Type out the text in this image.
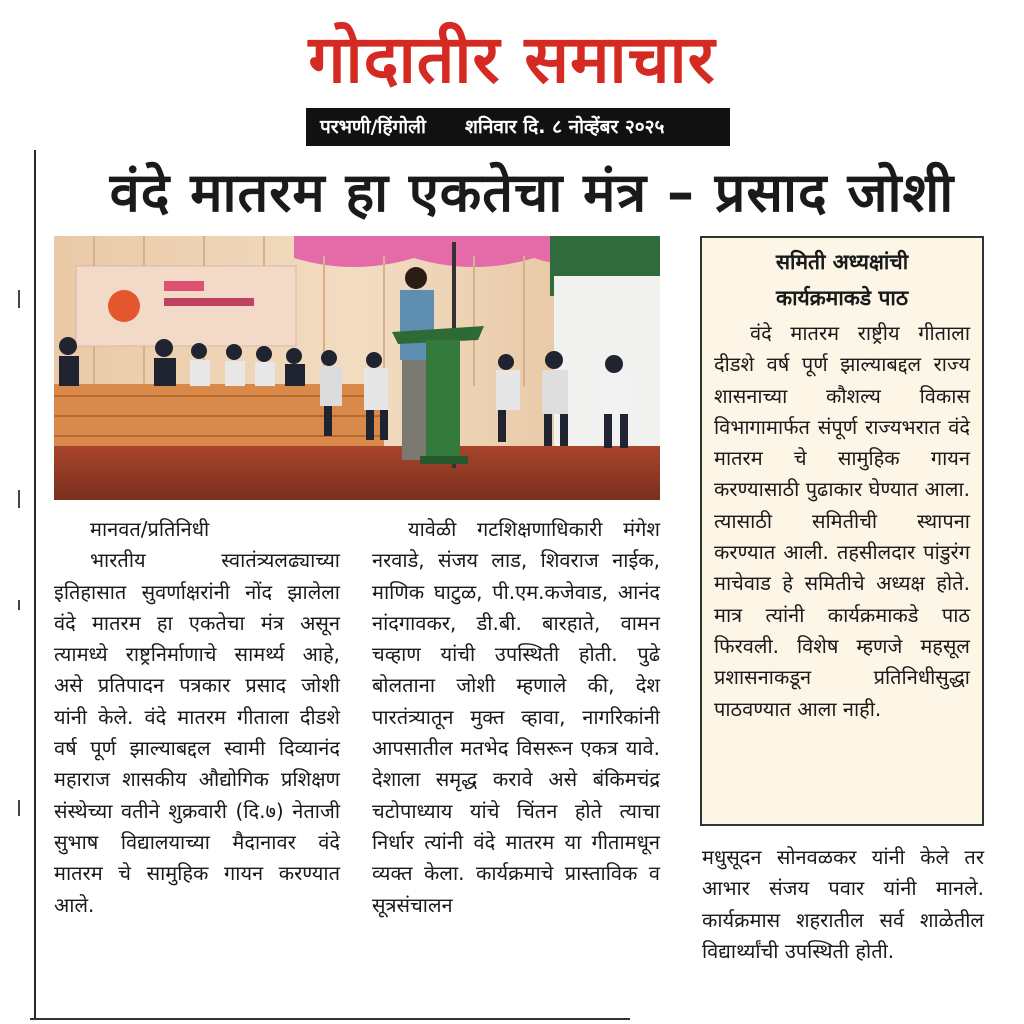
गोदातीर समाचार
परभणी/हिंगोली	शनिवार दि. ८ नोव्हेंबर २०२५
वंदे मातरम हा एकतेचा मंत्र – प्रसाद जोशी

मानवत/प्रतिनिधी

भारतीय स्वातंत्र्यलढ्याच्या इतिहासात सुवर्णाक्षरांनी नोंद झालेला वंदे मातरम हा एकतेचा मंत्र असून त्यामध्ये राष्ट्रनिर्माणाचे सामर्थ्य आहे, असे प्रतिपादन पत्रकार प्रसाद जोशी यांनी केले. वंदे मातरम गीताला दीडशे वर्ष पूर्ण झाल्याबद्दल स्वामी दिव्यानंद महाराज शासकीय औद्योगिक प्रशिक्षण संस्थेच्या वतीने शुक्रवारी (दि.७) नेताजी सुभाष विद्यालयाच्या मैदानावर वंदे मातरम चे सामुहिक गायन करण्यात आले.

यावेळी गटशिक्षणाधिकारी मंगेश नरवाडे, संजय लाड, शिवराज नाईक, माणिक घाटुळ, पी.एम.कजेवाड, आनंद नांदगावकर, डी.बी. बारहाते, वामन चव्हाण यांची उपस्थिती होती. पुढे बोलताना जोशी म्हणाले की, देश पारतंत्र्यातून मुक्त व्हावा, नागरिकांनी आपसातील मतभेद विसरून एकत्र यावे. देशाला समृद्ध करावे असे बंकिमचंद्र चटोपाध्याय यांचे चिंतन होते त्याचा निर्धार त्यांनी वंदे मातरम या गीतामधून व्यक्त केला. कार्यक्रमाचे प्रास्ताविक व सूत्रसंचालन

समिती अध्यक्षांची
कार्यक्रमाकडे पाठ
वंदे मातरम राष्ट्रीय गीताला दीडशे वर्ष पूर्ण झाल्याबद्दल राज्य शासनाच्या कौशल्य विकास विभागामार्फत संपूर्ण राज्यभरात वंदे मातरम चे सामुहिक गायन करण्यासाठी पुढाकार घेण्यात आला. त्यासाठी समितीची स्थापना करण्यात आली. तहसीलदार पांडुरंग माचेवाड हे समितीचे अध्यक्ष होते. मात्र त्यांनी कार्यक्रमाकडे पाठ फिरवली. विशेष म्हणजे महसूल प्रशासनाकडून प्रतिनिधीसुद्धा पाठवण्यात आला नाही.

मधुसूदन सोनवळकर यांनी केले तर आभार संजय पवार यांनी मानले. कार्यक्रमास शहरातील सर्व शाळेतील विद्यार्थ्यांची उपस्थिती होती.
